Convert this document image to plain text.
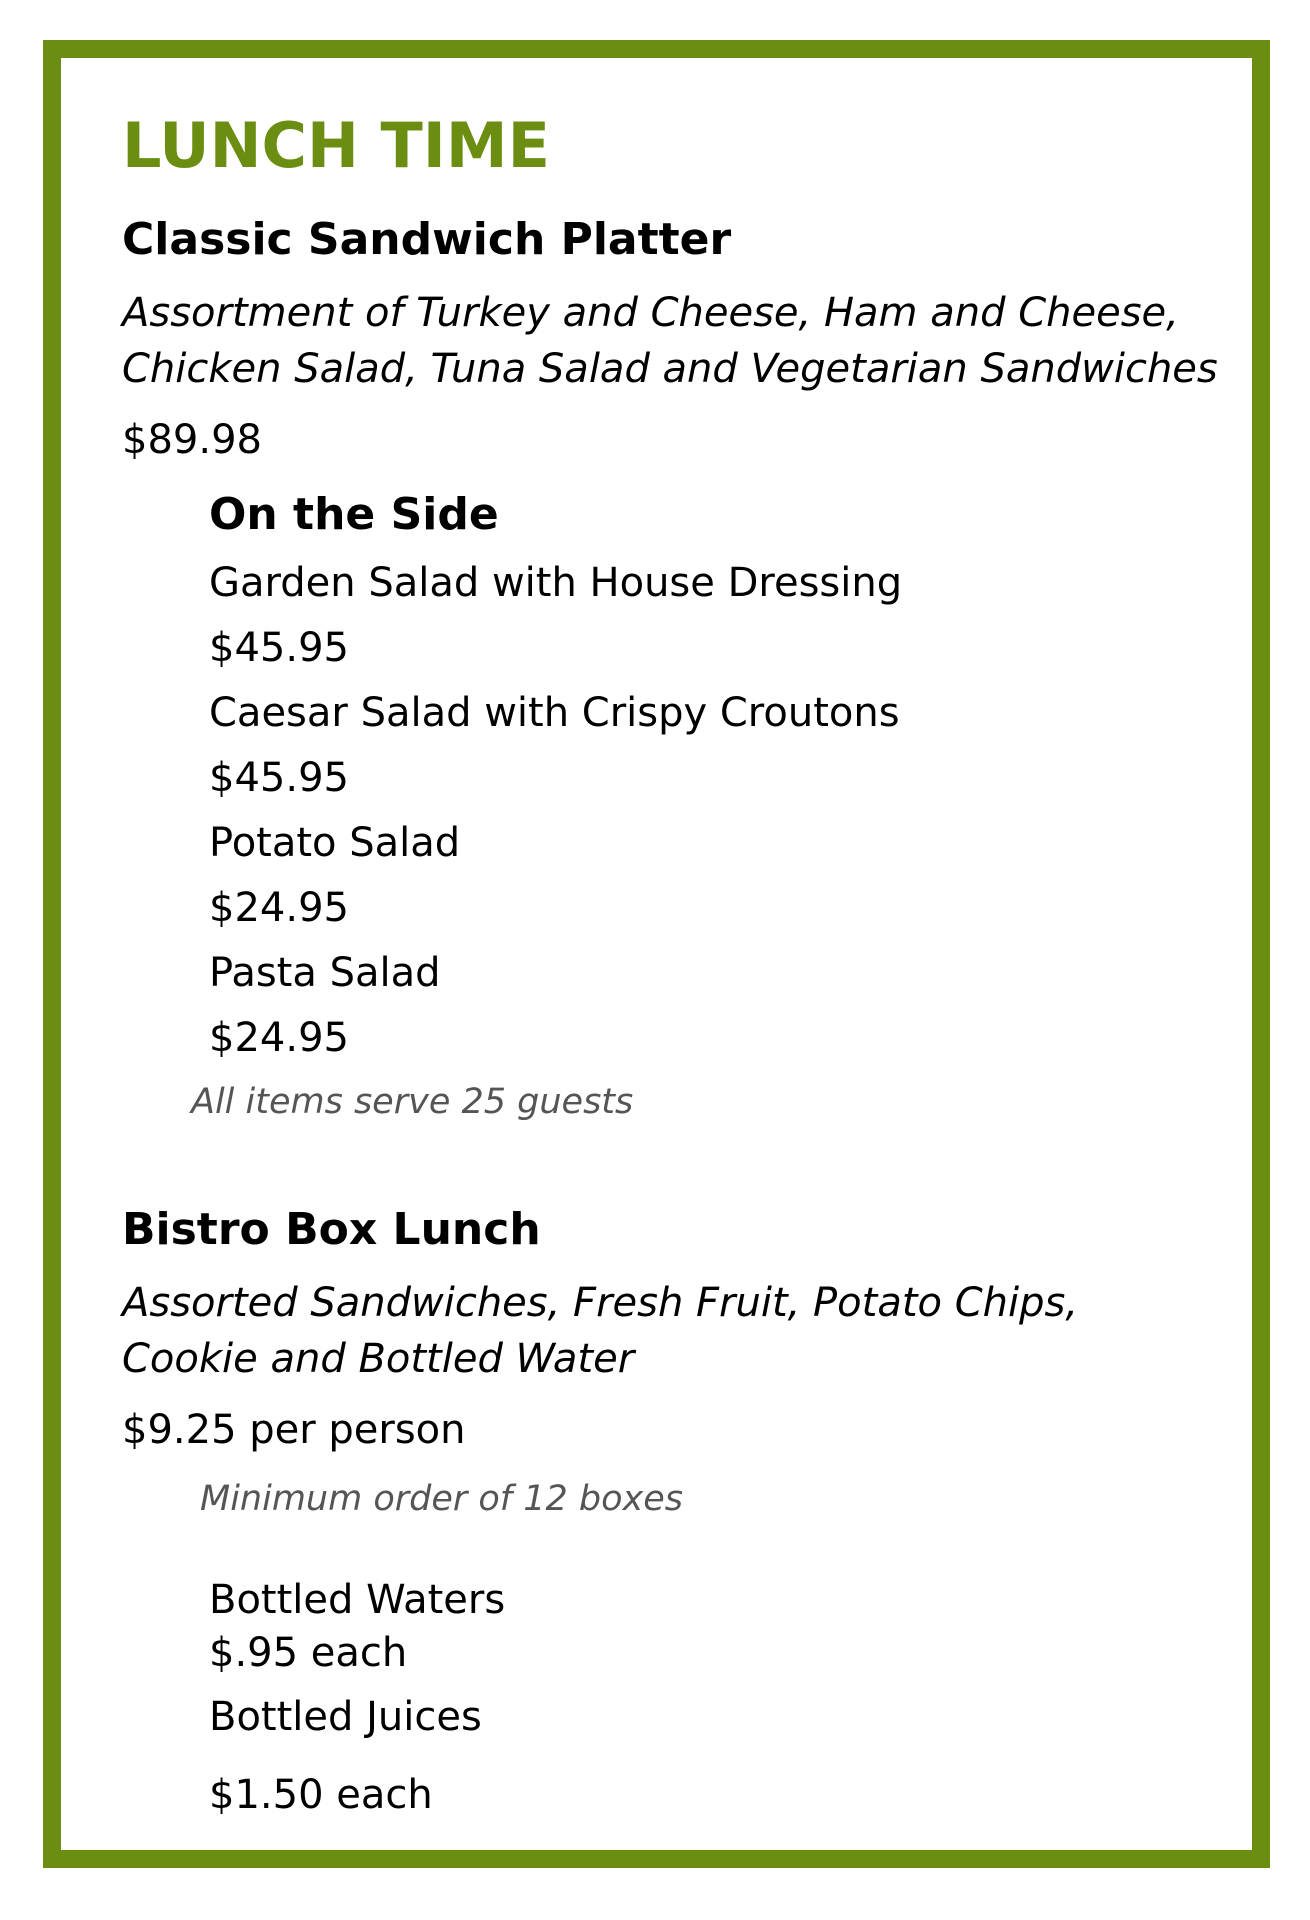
LUNCH TIME
Classic Sandwich Platter
Assortment of Turkey and Cheese, Ham and Cheese,
Chicken Salad, Tuna Salad and Vegetarian Sandwiches
$89.98
On the Side
Garden Salad with House Dressing
$45.95
Caesar Salad with Crispy Croutons
$45.95
Potato Salad
$24.95
Pasta Salad
$24.95
All items serve 25 guests
Bistro Box Lunch
Assorted Sandwiches, Fresh Fruit, Potato Chips,
Cookie and Bottled Water
$9.25 per person
Minimum order of 12 boxes
Bottled Waters
$.95 each
Bottled Juices
$1.50 each
